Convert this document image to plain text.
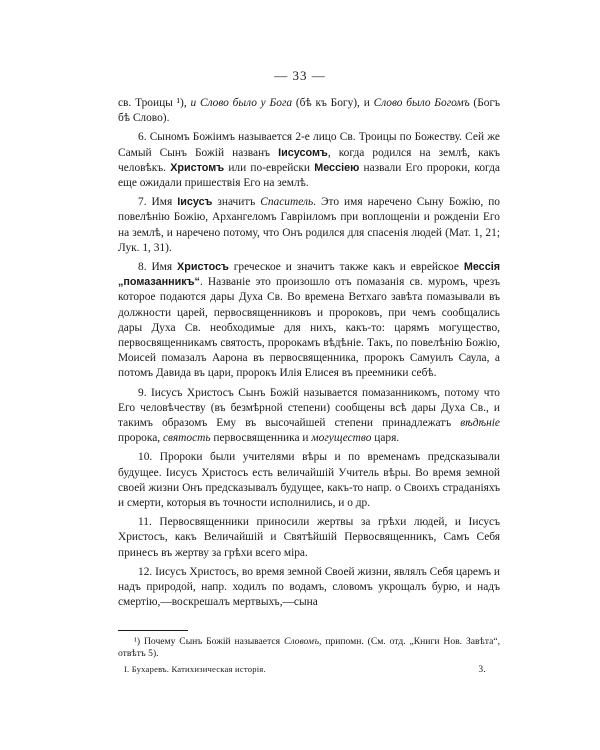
— 33 —

св. Троицы ¹), и Слово было у Бога (бѣ къ Богу), и Слово было Богомъ (Богъ бѣ Слово).

6. Сыномъ Божіимъ называется 2-е лицо Св. Троицы по Божеству. Сей же Самый Сынъ Божій названъ Іисусомъ, когда родился на землѣ, какъ человѣкъ. Христомъ или по-еврейски Мессіею назвали Его пророки, когда еще ожидали пришествія Его на землѣ.

7. Имя Іисусъ значитъ Спаситель. Это имя наречено Сыну Божію, по повелѣнію Божію, Архангеломъ Гавріиломъ при воплощеніи и рожденіи Его на землѣ, и наречено потому, что Онъ родился для спасенія людей (Мат. 1, 21; Лук. 1, 31).

8. Имя Христосъ греческое и значитъ также какъ и еврейское Мессія „помазанникъ“. Названіе это произошло отъ помазанія св. муромъ, чрезъ которое подаются дары Духа Св. Во времена Ветхаго завѣта помазывали въ должности царей, первосвященниковъ и пророковъ, при чемъ сообщались дары Духа Св. необходимые для нихъ, какъ-то: царямъ могущество, первосвященникамъ святость, пророкамъ вѣдѣніе. Такъ, по повелѣнію Божію, Моисей помазалъ Аарона въ первосвященника, пророкъ Самуилъ Саула, а потомъ Давида въ цари, пророкъ Илія Елисея въ преемники себѣ.

9. Іисусъ Христосъ Сынъ Божій называется помазанникомъ, потому что Его человѣчеству (въ безмѣрной степени) сообщены всѣ дары Духа Св., и такимъ образомъ Ему въ высочайшей степени принадлежатъ вѣдѣніе пророка, святость первосвященника и могущество царя.

10. Пророки были учителями вѣры и по временамъ предсказывали будущее. Іисусъ Христосъ есть величайшій Учитель вѣры. Во время земной своей жизни Онъ предсказывалъ будущее, какъ-то напр. о Своихъ страданіяхъ и смерти, которыя въ точности исполнились, и о др.

11. Первосвященники приносили жертвы за грѣхи людей, и Іисусъ Христосъ, какъ Величайшій и Святѣйшій Первосвященникъ, Самъ Себя принесъ въ жертву за грѣхи всего міра.

12. Іисусъ Христосъ, во время земной Своей жизни, являлъ Себя царемъ и надъ природой, напр. ходилъ по водамъ, словомъ укрощалъ бурю, и надъ смертію,—воскрешалъ мертвыхъ,—сына

¹) Почему Сынъ Божій называется Словомъ, припомн. (См. отд. „Книги Нов. Завѣта“, отвѣтъ 5).

I. Бухаревъ. Катихизическая исторія.	3.
